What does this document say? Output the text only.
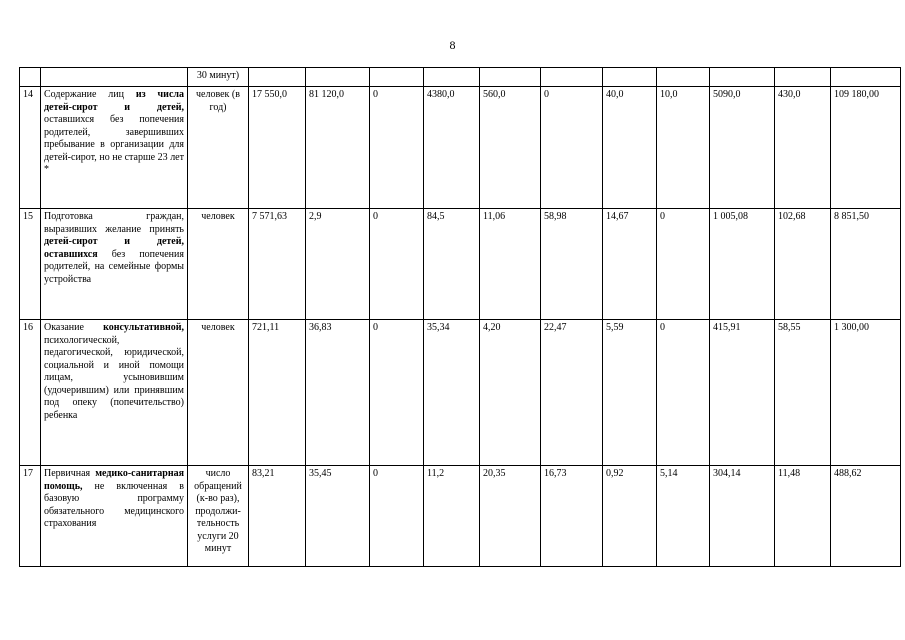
8
		30 минут)											
14	Содержание лиц из числа детей-сирот и детей, оставшихся без попечения родителей, завершивших пребывание в организации для детей-сирот, но не старше 23 лет *	человек (в год)	17 550,0	81 120,0	0	4380,0	560,0	0	40,0	10,0	5090,0	430,0	109 180,00
15	Подготовка граждан, выразивших желание принять детей-сирот и детей, оставшихся без попечения родителей, на семейные формы устройства	человек	7 571,63	2,9	0	84,5	11,06	58,98	14,67	0	1 005,08	102,68	8 851,50
16	Оказание консультативной, психологической, педагогической, юридической, социальной и иной помощи лицам, усыновившим (удочерившим) или принявшим под опеку (попечительство) ребенка	человек	721,11	36,83	0	35,34	4,20	22,47	5,59	0	415,91	58,55	1 300,00
17	Первичная медико-санитарная помощь, не включенная в базовую программу обязательного медицинского страхования	число обращений (к-во раз), продолжи-тельность услуги 20 минут	83,21	35,45	0	11,2	20,35	16,73	0,92	5,14	304,14	11,48	488,62
